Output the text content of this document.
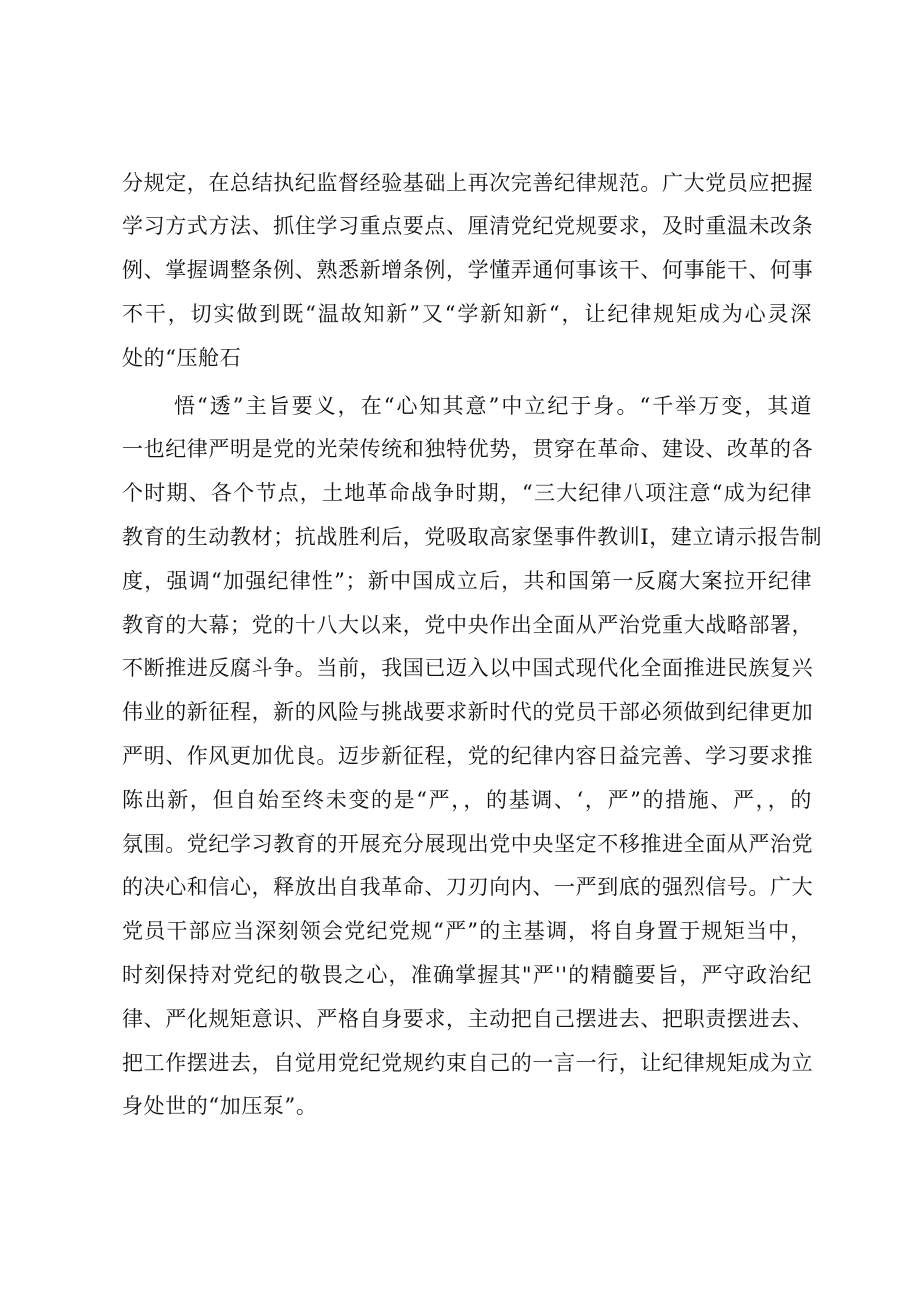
分规定，在总结执纪监督经验基础上再次完善纪律规范。广大党员应把握
学习方式方法、抓住学习重点要点、厘清党纪党规要求，及时重温未改条
例、掌握调整条例、熟悉新增条例，学懂弄通何事该干、何事能干、何事
不干，切实做到既“温故知新”又“学新知新“，让纪律规矩成为心灵深
处的“压舱石
悟“透”主旨要义，在“心知其意”中立纪于身。“千举万变，其道
一也纪律严明是党的光荣传统和独特优势，贯穿在革命、建设、改革的各
个时期、各个节点，土地革命战争时期，“三大纪律八项注意“成为纪律
教育的生动教材；抗战胜利后，党吸取高家堡事件教训I，建立请示报告制
度，强调“加强纪律性”；新中国成立后，共和国第一反腐大案拉开纪律
教育的大幕；党的十八大以来，党中央作出全面从严治党重大战略部署，
不断推进反腐斗争。当前，我国已迈入以中国式现代化全面推进民族复兴
伟业的新征程，新的风险与挑战要求新时代的党员干部必须做到纪律更加
严明、作风更加优良。迈步新征程，党的纪律内容日益完善、学习要求推
陈出新，但自始至终未变的是“严，，的基调、‘，严”的措施、严，，的
氛围。党纪学习教育的开展充分展现出党中央坚定不移推进全面从严治党
的决心和信心，释放出自我革命、刀刃向内、一严到底的强烈信号。广大
党员干部应当深刻领会党纪党规“严”的主基调，将自身置于规矩当中，
时刻保持对党纪的敬畏之心，准确掌握其"严''的精髓要旨，严守政治纪
律、严化规矩意识、严格自身要求，主动把自己摆进去、把职责摆进去、
把工作摆进去，自觉用党纪党规约束自己的一言一行，让纪律规矩成为立
身处世的“加压泵”。
